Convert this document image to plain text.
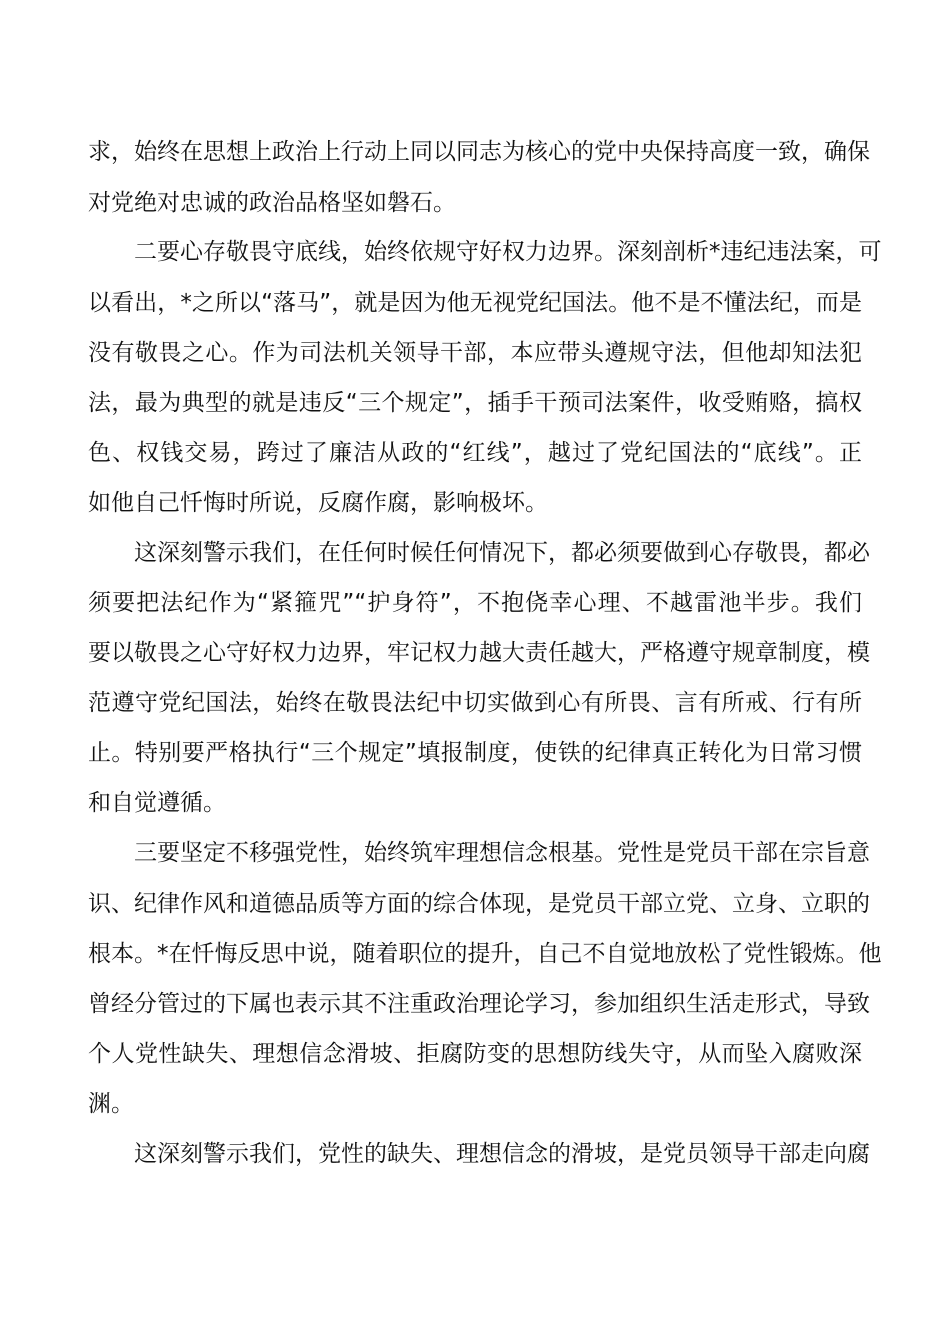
求，始终在思想上政治上行动上同以同志为核心的党中央保持高度一致，确保
对党绝对忠诚的政治品格坚如磐石。
　　二要心存敬畏守底线，始终依规守好权力边界。深刻剖析*违纪违法案，可
以看出，*之所以“落马”，就是因为他无视党纪国法。他不是不懂法纪，而是
没有敬畏之心。作为司法机关领导干部，本应带头遵规守法，但他却知法犯
法，最为典型的就是违反“三个规定”，插手干预司法案件，收受贿赂，搞权
色、权钱交易，跨过了廉洁从政的“红线”，越过了党纪国法的“底线”。正
如他自己忏悔时所说，反腐作腐，影响极坏。
　　这深刻警示我们，在任何时候任何情况下，都必须要做到心存敬畏，都必
须要把法纪作为“紧箍咒”“护身符”，不抱侥幸心理、不越雷池半步。我们
要以敬畏之心守好权力边界，牢记权力越大责任越大，严格遵守规章制度，模
范遵守党纪国法，始终在敬畏法纪中切实做到心有所畏、言有所戒、行有所
止。特别要严格执行“三个规定”填报制度，使铁的纪律真正转化为日常习惯
和自觉遵循。
　　三要坚定不移强党性，始终筑牢理想信念根基。党性是党员干部在宗旨意
识、纪律作风和道德品质等方面的综合体现，是党员干部立党、立身、立职的
根本。*在忏悔反思中说，随着职位的提升，自己不自觉地放松了党性锻炼。他
曾经分管过的下属也表示其不注重政治理论学习，参加组织生活走形式，导致
个人党性缺失、理想信念滑坡、拒腐防变的思想防线失守，从而坠入腐败深
渊。
　　这深刻警示我们，党性的缺失、理想信念的滑坡，是党员领导干部走向腐
